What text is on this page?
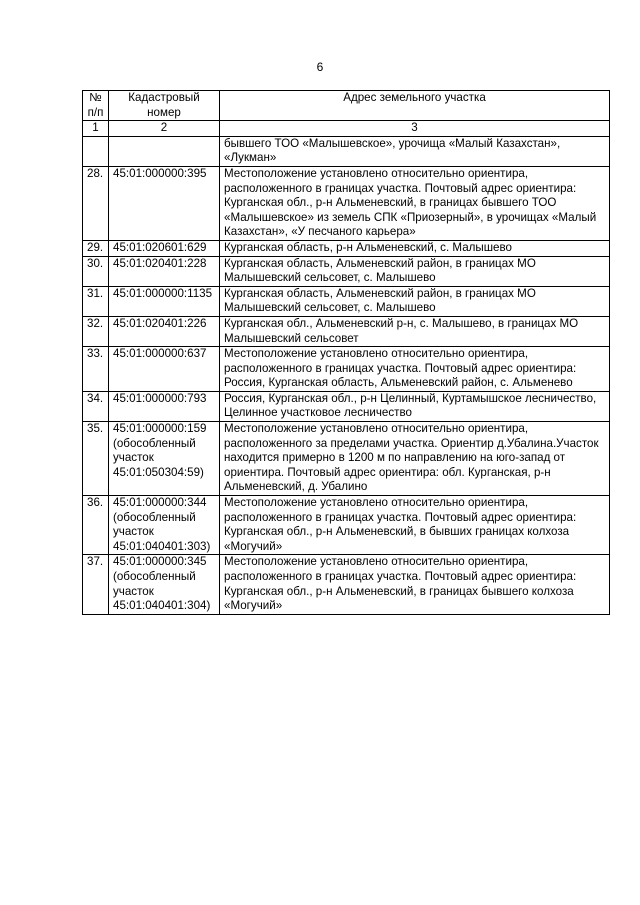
6
№ п/п	Кадастровый номер	Адрес земельного участка
1	2	3
		бывшего ТОО «Малышевское», урочища «Малый Казахстан», «Лукман»
28.	45:01:000000:395	Местоположение установлено относительно ориентира, расположенного в границах участка. Почтовый адрес ориентира: Курганская обл., р-н Альменевский, в границах бывшего ТОО «Малышевское» из земель СПК «Приозерный», в урочищах «Малый Казахстан», «У песчаного карьера»
29.	45:01:020601:629	Курганская область, р-н Альменевский, с. Малышево
30.	45:01:020401:228	Курганская область, Альменевский район, в границах МО Малышевский сельсовет, с. Малышево
31.	45:01:000000:1135	Курганская область, Альменевский район, в границах МО Малышевский сельсовет, с. Малышево
32.	45:01:020401:226	Курганская обл., Альменевский р-н, с. Малышево, в границах МО Малышевский сельсовет
33.	45:01:000000:637	Местоположение установлено относительно ориентира, расположенного в границах участка. Почтовый адрес ориентира: Россия, Курганская область, Альменевский район, с. Альменево
34.	45:01:000000:793	Россия, Курганская обл., р-н Целинный, Куртамышское лесничество, Целинное участковое лесничество
35.	45:01:000000:159 (обособленный участок 45:01:050304:59)	Местоположение установлено относительно ориентира, расположенного за пределами участка. Ориентир д.Убалина.Участок находится примерно в 1200 м по направлению на юго-запад от ориентира. Почтовый адрес ориентира: обл. Курганская, р-н Альменевский, д. Убалино
36.	45:01:000000:344 (обособленный участок 45:01:040401:303)	Местоположение установлено относительно ориентира, расположенного в границах участка. Почтовый адрес ориентира: Курганская обл., р-н Альменевский, в бывших границах колхоза «Могучий»
37.	45:01:000000:345 (обособленный участок 45:01:040401:304)	Местоположение установлено относительно ориентира, расположенного в границах участка. Почтовый адрес ориентира: Курганская обл., р-н Альменевский, в границах бывшего колхоза «Могучий»
